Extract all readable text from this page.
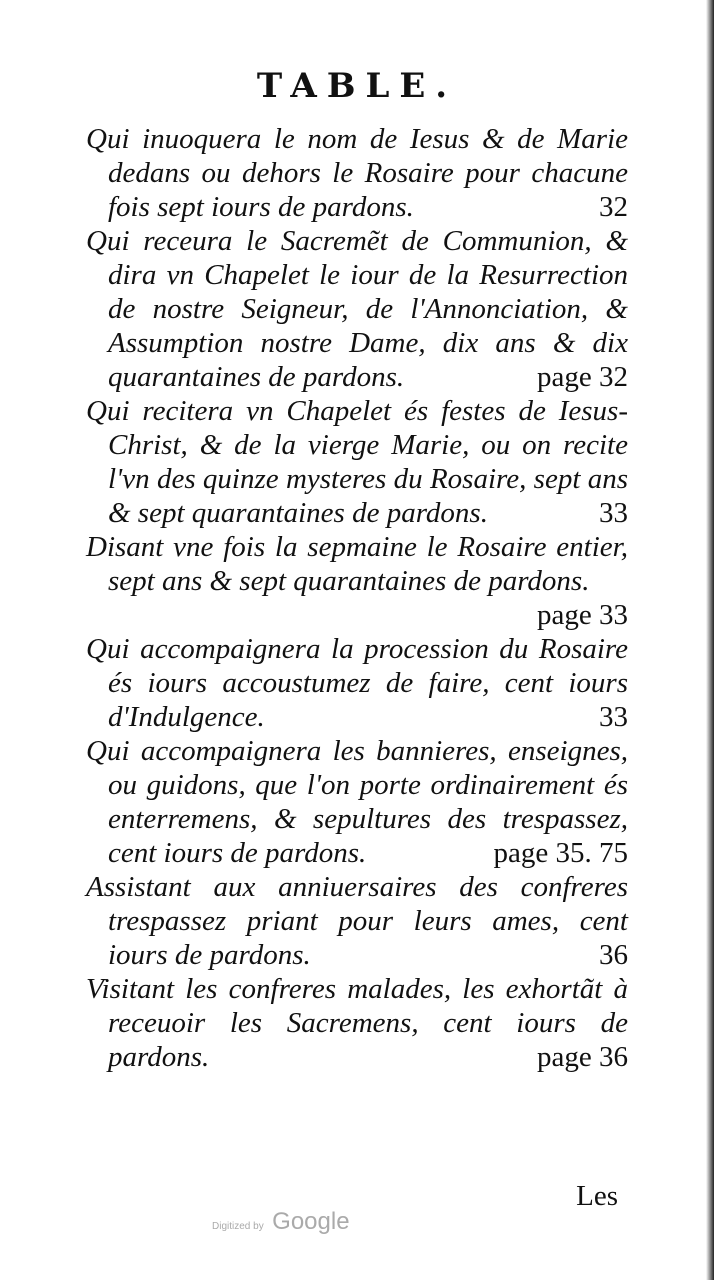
TABLE.

Qui inuoquera le nom de Iesus & de Marie dedans ou dehors le Rosaire pour chacune fois sept iours de pardons.	32

Qui receura le Sacremẽt de Communion, & dira vn Chapelet le iour de la Resurrection de nostre Seigneur, de l'Annonciation, & Assumption nostre Dame, dix ans & dix quarantaines de pardons.	page 32

Qui recitera vn Chapelet és festes de Iesus-Christ, & de la vierge Marie, ou on recite l'vn des quinze mysteres du Rosaire, sept ans & sept quarantaines de pardons.	33

Disant vne fois la sepmaine le Rosaire entier, sept ans & sept quarantaines de pardons.
page 33

Qui accompaignera la procession du Rosaire és iours accoustumez de faire, cent iours d'Indulgence.	33

Qui accompaignera les bannieres, enseignes, ou guidons, que l'on porte ordinairement és enterremens, & sepultures des trespassez, cent iours de pardons.	page 35. 75

Assistant aux anniuersaires des confreres trespassez priant pour leurs ames, cent iours de pardons.	36

Visitant les confreres malades, les exhortãt à receuoir les Sacremens, cent iours de pardons.	page 36

Les
Digitized by Google
